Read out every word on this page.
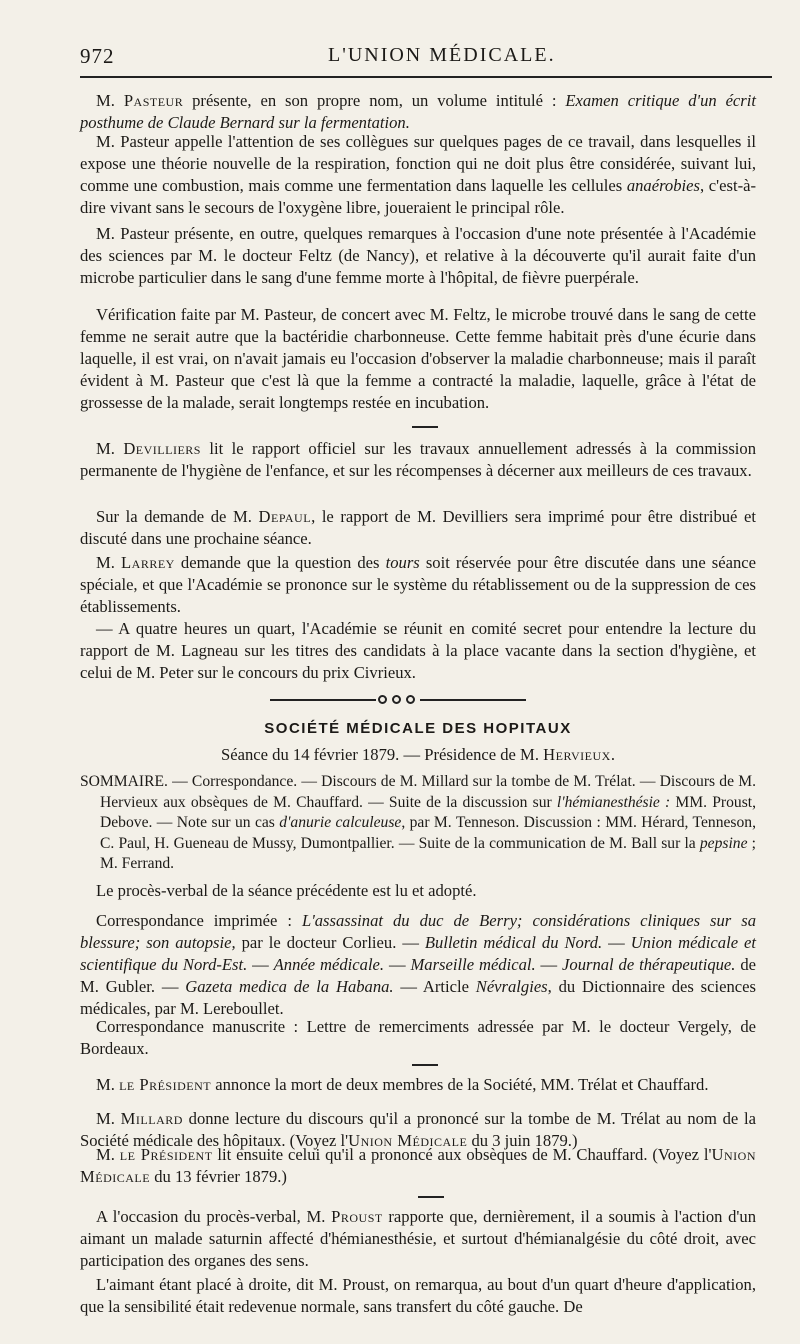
972	L'UNION MÉDICALE.
M. Pasteur présente, en son propre nom, un volume intitulé : Examen critique d'un écrit posthume de Claude Bernard sur la fermentation.
M. Pasteur appelle l'attention de ses collègues sur quelques pages de ce travail, dans lesquelles il expose une théorie nouvelle de la respiration, fonction qui ne doit plus être considérée, suivant lui, comme une combustion, mais comme une fermentation dans laquelle les cellules anaérobies, c'est-à-dire vivant sans le secours de l'oxygène libre, joueraient le principal rôle.
M. Pasteur présente, en outre, quelques remarques à l'occasion d'une note présentée à l'Académie des sciences par M. le docteur Feltz (de Nancy), et relative à la découverte qu'il aurait faite d'un microbe particulier dans le sang d'une femme morte à l'hôpital, de fièvre puerpérale.
Vérification faite par M. Pasteur, de concert avec M. Feltz, le microbe trouvé dans le sang de cette femme ne serait autre que la bactéridie charbonneuse. Cette femme habitait près d'une écurie dans laquelle, il est vrai, on n'avait jamais eu l'occasion d'observer la maladie charbonneuse; mais il paraît évident à M. Pasteur que c'est là que la femme a contracté la maladie, laquelle, grâce à l'état de grossesse de la malade, serait longtemps restée en incubation.
M. Devilliers lit le rapport officiel sur les travaux annuellement adressés à la commission permanente de l'hygiène de l'enfance, et sur les récompenses à décerner aux meilleurs de ces travaux.
Sur la demande de M. Depaul, le rapport de M. Devilliers sera imprimé pour être distribué et discuté dans une prochaine séance.
M. Larrey demande que la question des tours soit réservée pour être discutée dans une séance spéciale, et que l'Académie se prononce sur le système du rétablissement ou de la suppression de ces établissements.
— A quatre heures un quart, l'Académie se réunit en comité secret pour entendre la lecture du rapport de M. Lagneau sur les titres des candidats à la place vacante dans la section d'hygiène, et celui de M. Peter sur le concours du prix Civrieux.
SOCIÉTÉ MÉDICALE DES HOPITAUX
Séance du 14 février 1879. — Présidence de M. Hervieux.
SOMMAIRE. — Correspondance. — Discours de M. Millard sur la tombe de M. Trélat. — Discours de M. Hervieux aux obsèques de M. Chauffard. — Suite de la discussion sur l'hémianesthésie : MM. Proust, Debove. — Note sur un cas d'anurie calculeuse, par M. Tenneson. Discussion : MM. Hérard, Tenneson, C. Paul, H. Gueneau de Mussy, Dumontpallier. — Suite de la communication de M. Ball sur la pepsine ; M. Ferrand.
Le procès-verbal de la séance précédente est lu et adopté.
Correspondance imprimée : L'assassinat du duc de Berry; considérations cliniques sur sa blessure; son autopsie, par le docteur Corlieu. — Bulletin médical du Nord. — Union médicale et scientifique du Nord-Est. — Année médicale. — Marseille médical. — Journal de thérapeutique. de M. Gubler. — Gazeta medica de la Habana. — Article Névralgies, du Dictionnaire des sciences médicales, par M. Lereboullet.
Correspondance manuscrite : Lettre de remerciments adressée par M. le docteur Vergely, de Bordeaux.
M. le Président annonce la mort de deux membres de la Société, MM. Trélat et Chauffard.
M. Millard donne lecture du discours qu'il a prononcé sur la tombe de M. Trélat au nom de la Société médicale des hôpitaux. (Voyez l'Union Médicale du 3 juin 1879.)
M. le Président lit ensuite celui qu'il a prononcé aux obsèques de M. Chauffard. (Voyez l'Union Médicale du 13 février 1879.)
A l'occasion du procès-verbal, M. Proust rapporte que, dernièrement, il a soumis à l'action d'un aimant un malade saturnin affecté d'hémianesthésie, et surtout d'hémianalgésie du côté droit, avec participation des organes des sens.
L'aimant étant placé à droite, dit M. Proust, on remarqua, au bout d'un quart d'heure d'application, que la sensibilité était redevenue normale, sans transfert du côté gauche. De
